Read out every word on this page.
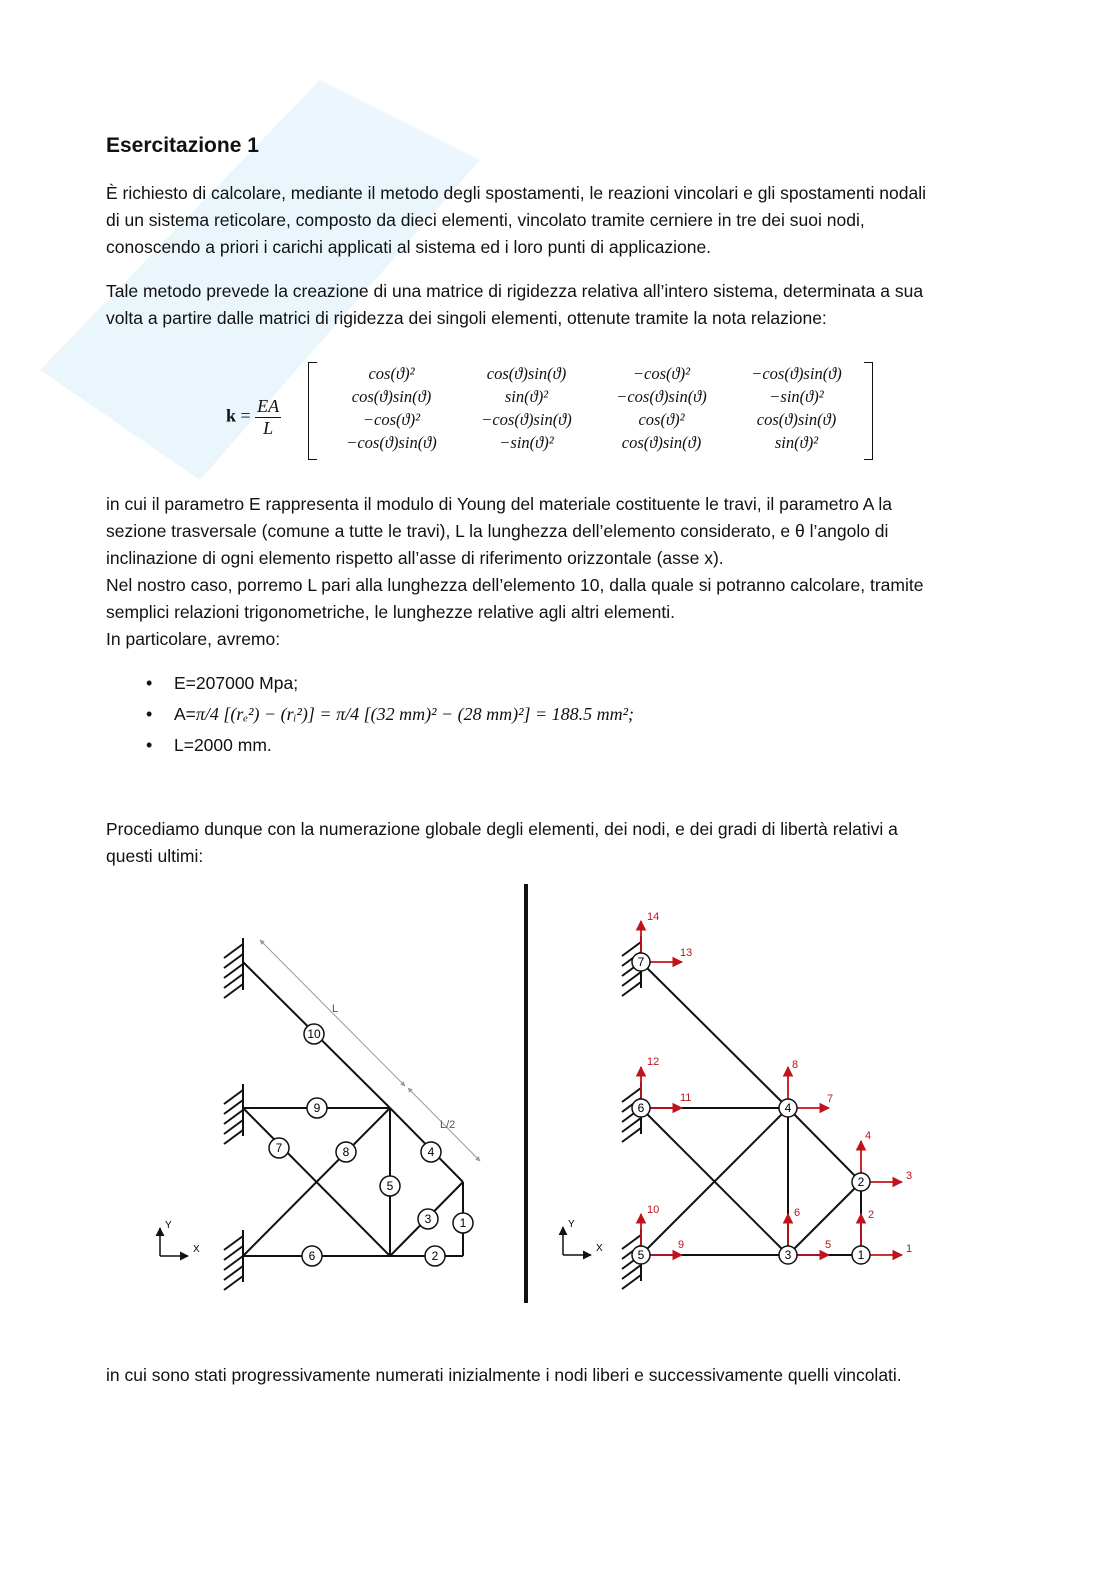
Esercitazione 1

È richiesto di calcolare, mediante il metodo degli spostamenti, le reazioni vincolari e gli spostamenti nodali

di un sistema reticolare, composto da dieci elementi, vincolato tramite cerniere in tre dei suoi nodi,

conoscendo a priori i carichi applicati al sistema ed i loro punti di applicazione.

Tale metodo prevede la creazione di una matrice di rigidezza relativa all’intero sistema, determinata a sua

volta a partire dalle matrici di rigidezza dei singoli elementi, ottenute tramite la nota relazione:

$k = \frac{EA}{L}$
cos(ϑ)²	cos(ϑ)sin(ϑ)	−cos(ϑ)²	−cos(ϑ)sin(ϑ)
cos(ϑ)sin(ϑ)	sin(ϑ)²	−cos(ϑ)sin(ϑ)	−sin(ϑ)²
−cos(ϑ)²	−cos(ϑ)sin(ϑ)	cos(ϑ)²	cos(ϑ)sin(ϑ)
−cos(ϑ)sin(ϑ)	−sin(ϑ)²	cos(ϑ)sin(ϑ)	sin(ϑ)²

in cui il parametro E rappresenta il modulo di Young del materiale costituente le travi, il parametro A la

sezione trasversale (comune a tutte le travi), L la lunghezza dell’elemento considerato, e θ l’angolo di

inclinazione di ogni elemento rispetto all’asse di riferimento orizzontale (asse x).

Nel nostro caso, porremo L pari alla lunghezza dell’elemento 10, dalla quale si potranno calcolare, tramite

semplici relazioni trigonometriche, le lunghezze relative agli altri elementi.

In particolare, avremo:

• E=207000 Mpa;
• A=π/4 [(rₑ²) − (rᵢ²)] = π/4 [(32 mm)² − (28 mm)²] = 188.5 mm²;
• L=2000 mm.

Procediamo dunque con la numerazione globale degli elementi, dei nodi, e dei gradi di libertà relativi a

questi ultimi:

in cui sono stati progressivamente numerati inizialmente i nodi liberi e successivamente quelli vincolati.

L
L/2
10
9
7	8
5
4
3 1
6	2
Y
X	1
2
3
4
5
6
7
8
9
10
11
12
13
14
1
2
3
4
5
6
7
Y
X
